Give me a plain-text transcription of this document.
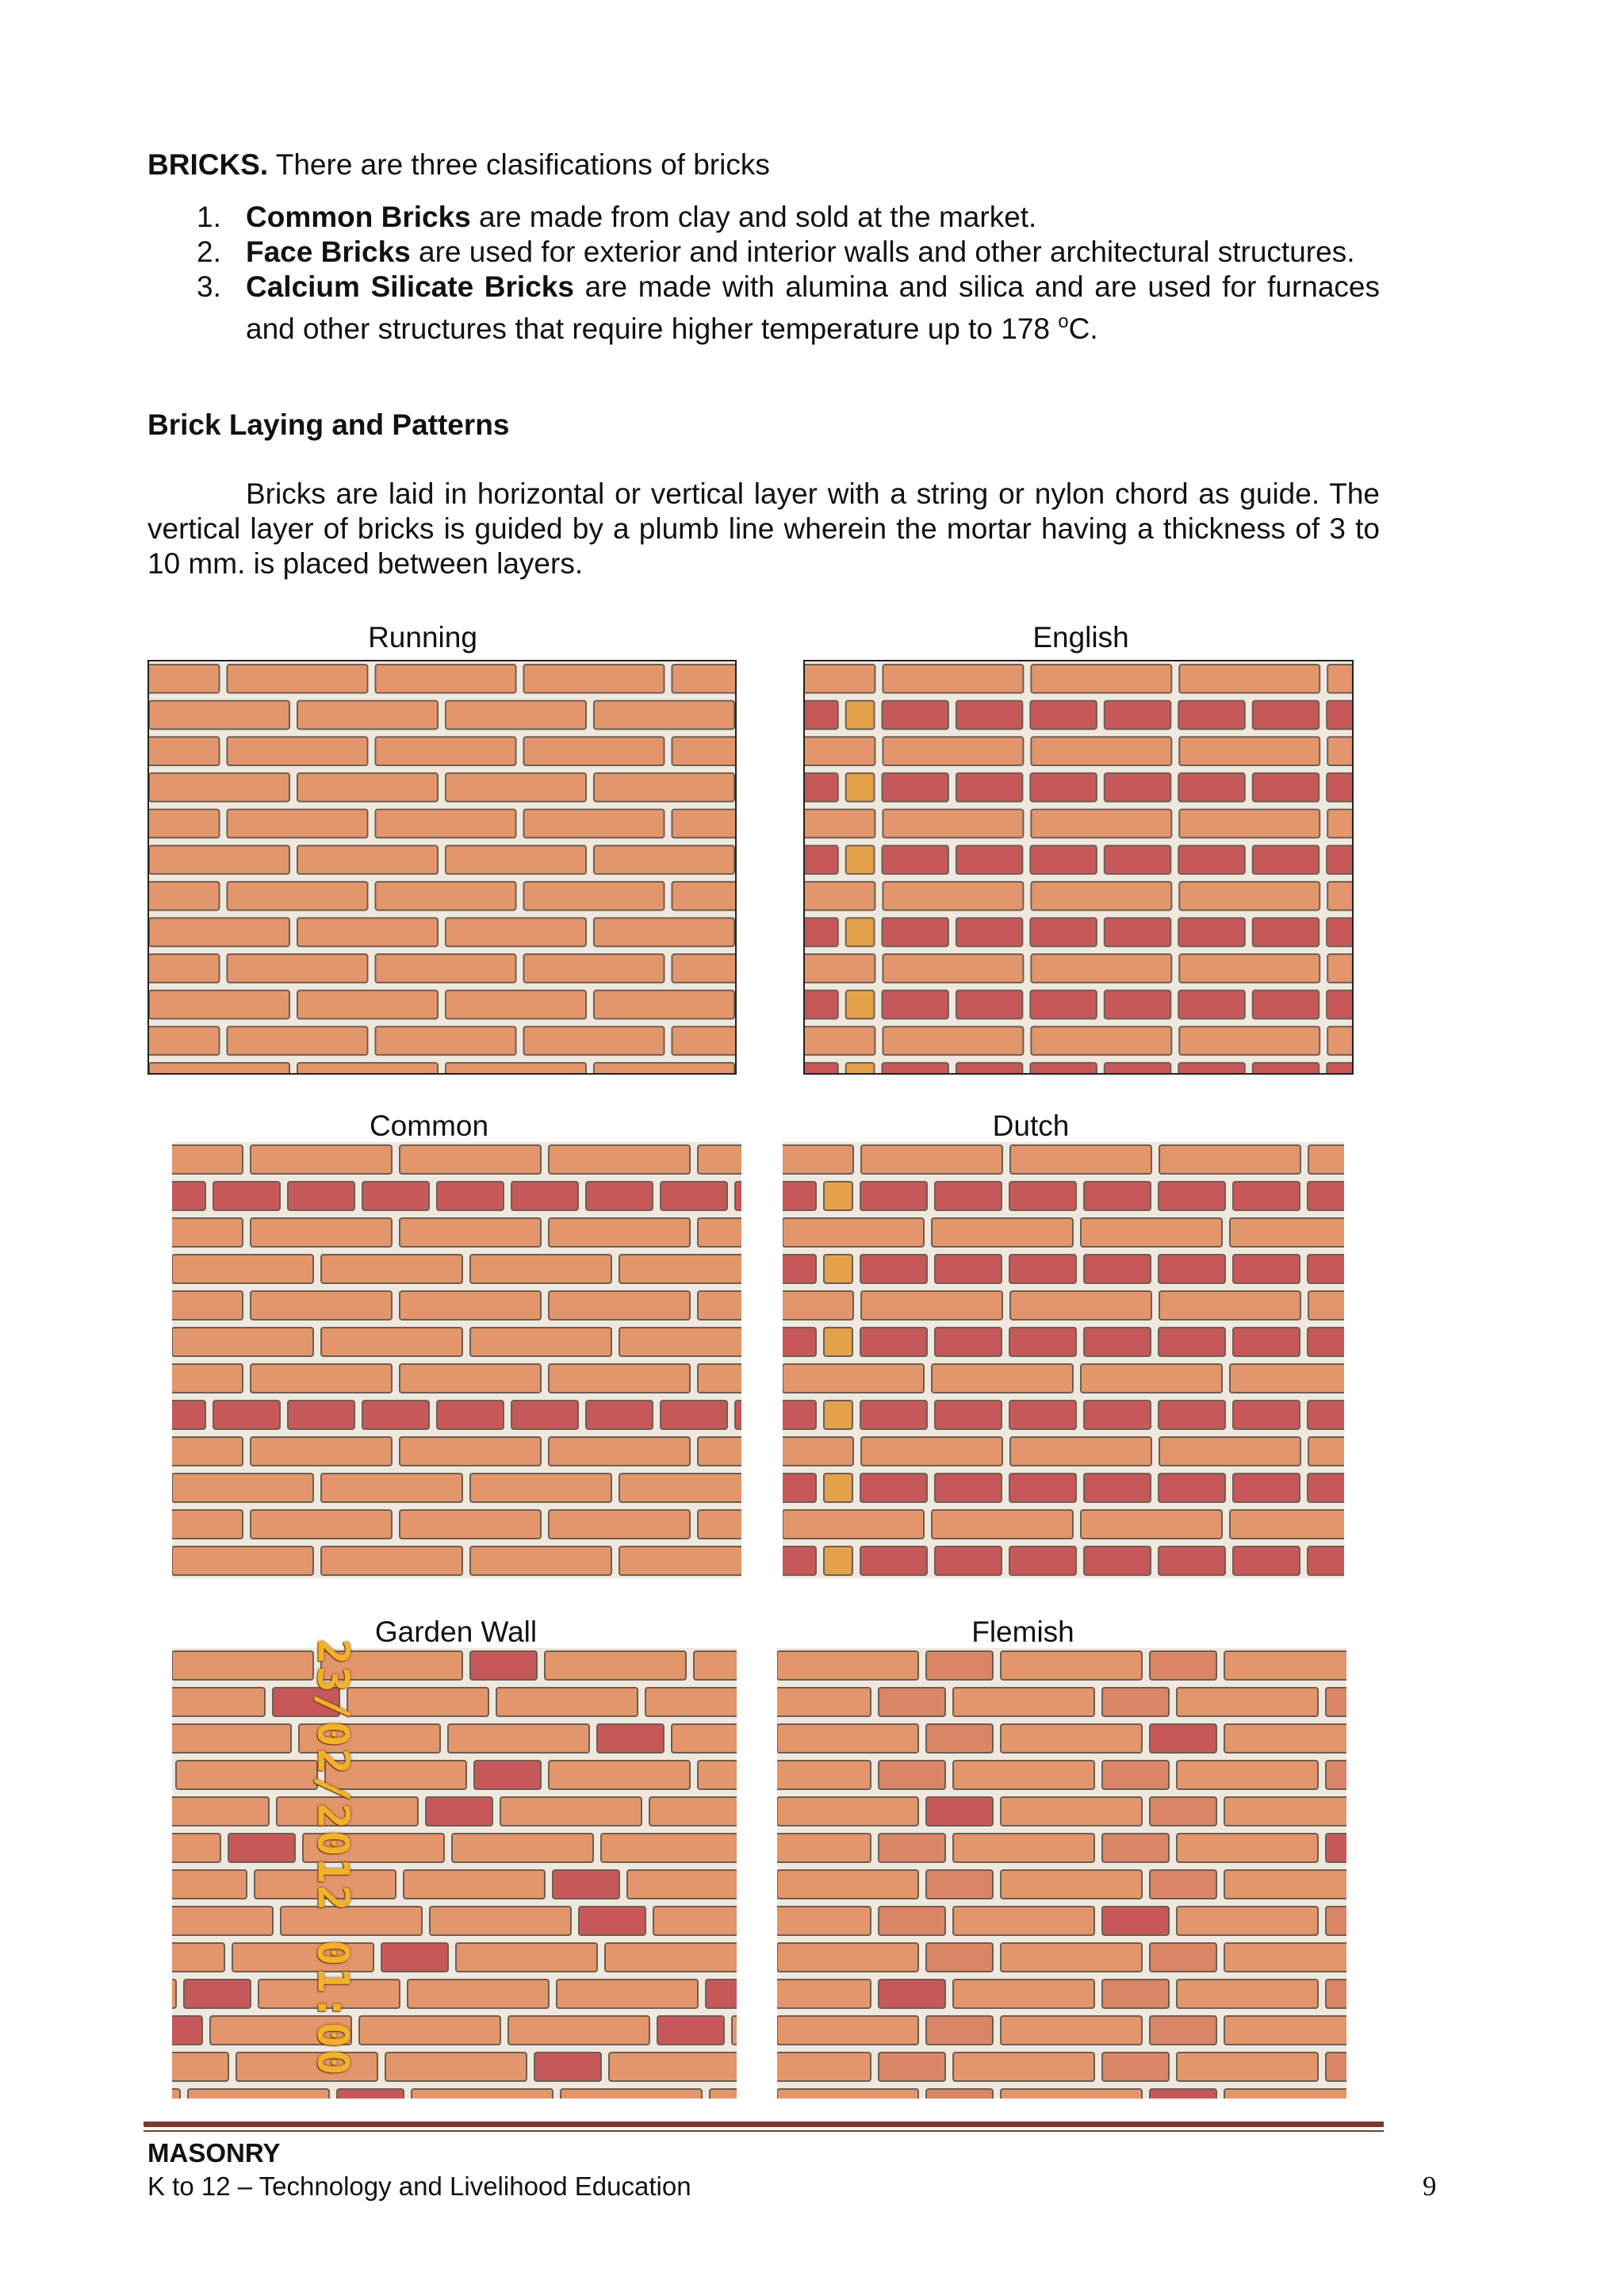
BRICKS. There are three clasifications of bricks
1. Common Bricks are made from clay and sold at the market.
2. Face Bricks are used for exterior and interior walls and other architectural structures.
3. Calcium Silicate Bricks are made with alumina and silica and are used for furnaces and other structures that require higher temperature up to 178 $^o$C.
Brick Laying and Patterns
Bricks are laid in horizontal or vertical layer with a string or nylon chord as guide. The vertical layer of bricks is guided by a plumb line wherein the mortar having a thickness of 3 to 10 mm. is placed between layers.
Running	English
Common	Dutch
Garden Wall	Flemish
23/02/2012 01:00
MASONRY
K to 12 – Technology and Livelihood Education	9
